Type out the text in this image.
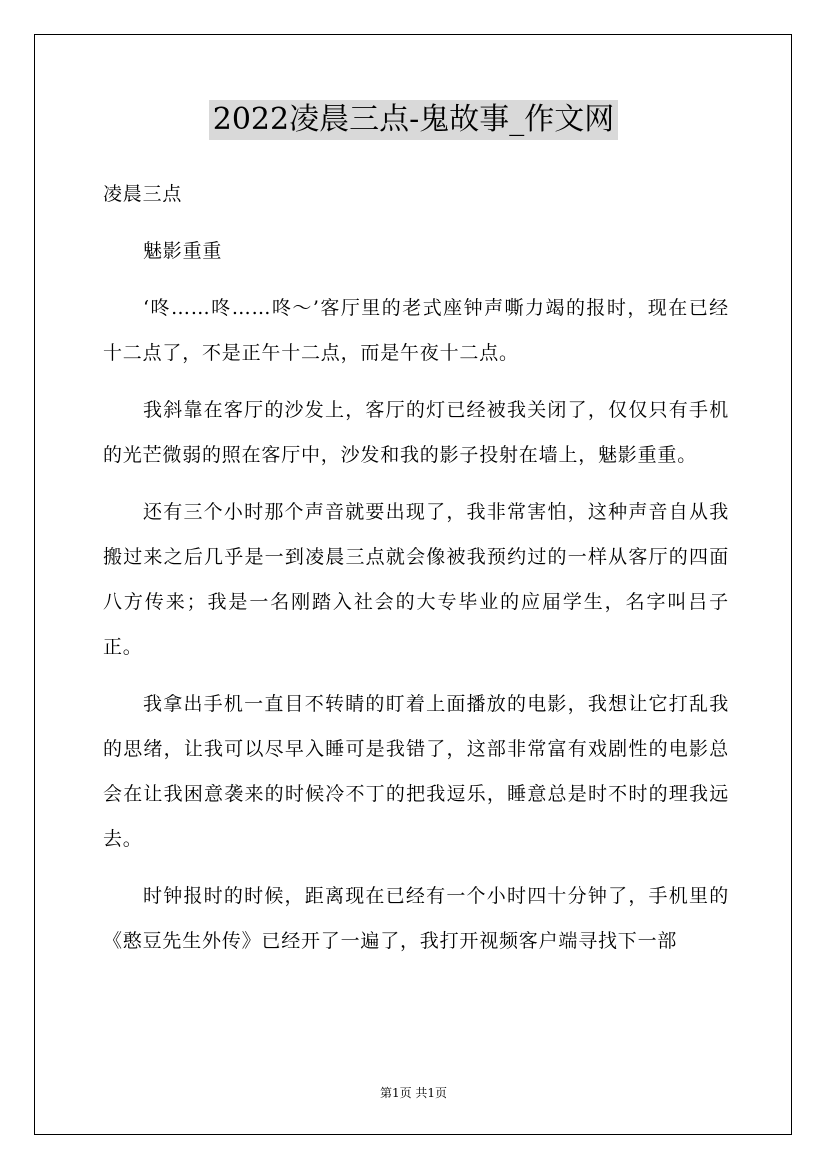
2022凌晨三点-鬼故事_作文网

凌晨三点

魅影重重

‘咚……咚……咚～’客厅里的老式座钟声嘶力竭的报时，现在已经十二点了，不是正午十二点，而是午夜十二点。

我斜靠在客厅的沙发上，客厅的灯已经被我关闭了，仅仅只有手机的光芒微弱的照在客厅中，沙发和我的影子投射在墙上，魅影重重。

还有三个小时那个声音就要出现了，我非常害怕，这种声音自从我搬过来之后几乎是一到凌晨三点就会像被我预约过的一样从客厅的四面八方传来；我是一名刚踏入社会的大专毕业的应届学生，名字叫吕子正。

我拿出手机一直目不转睛的盯着上面播放的电影，我想让它打乱我的思绪，让我可以尽早入睡可是我错了，这部非常富有戏剧性的电影总会在让我困意袭来的时候冷不丁的把我逗乐，睡意总是时不时的理我远去。

时钟报时的时候，距离现在已经有一个小时四十分钟了，手机里的《憨豆先生外传》已经开了一遍了，我打开视频客户端寻找下一部

第1页 共1页
